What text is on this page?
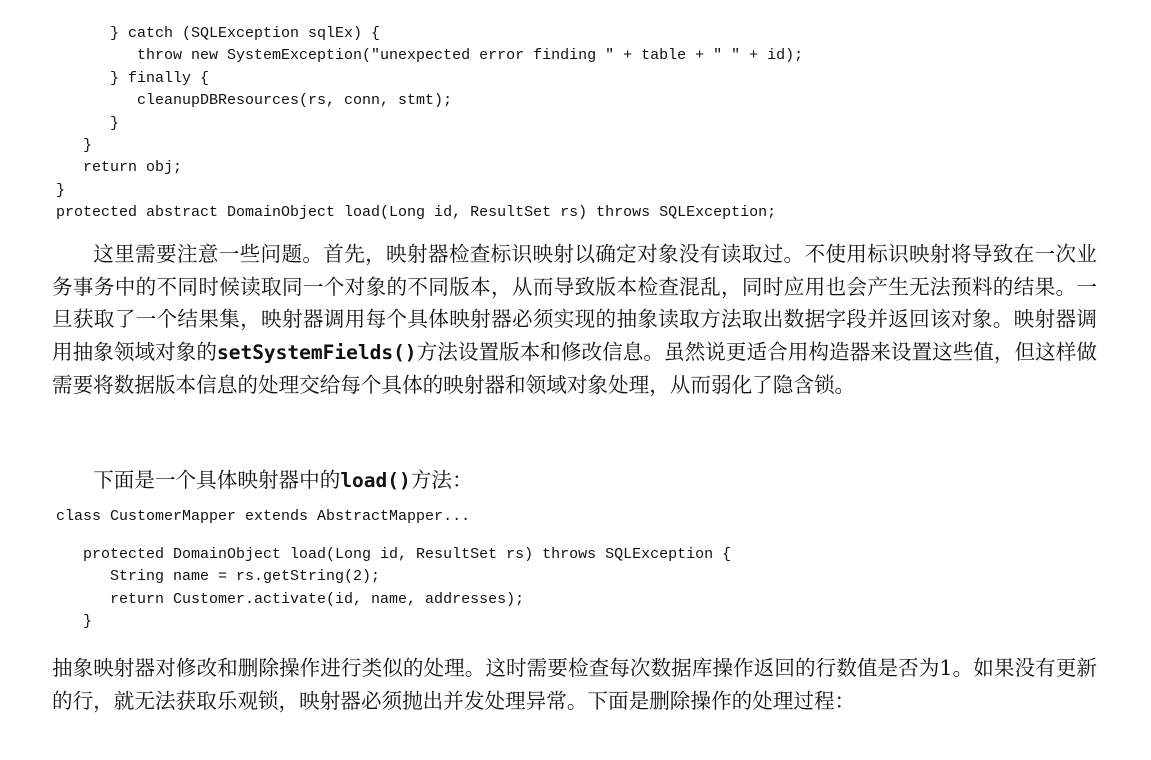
} catch (SQLException sqlEx) {
throw new SystemException("unexpected error finding " + table + " " + id);
} finally {
cleanupDBResources(rs, conn, stmt);
}
}
return obj;
}
protected abstract DomainObject load(Long id, ResultSet rs) throws SQLException;

这里需要注意一些问题。首先，映射器检查标识映射以确定对象没有读取过。不使用标识映射将导致在一次业务事务中的不同时候读取同一个对象的不同版本，从而导致版本检查混乱，同时应用也会产生无法预料的结果。一旦获取了一个结果集，映射器调用每个具体映射器必须实现的抽象读取方法取出数据字段并返回该对象。映射器调用抽象领域对象的setSystemFields()方法设置版本和修改信息。虽然说更适合用构造器来设置这些值，但这样做需要将数据版本信息的处理交给每个具体的映射器和领域对象处理，从而弱化了隐含锁。

下面是一个具体映射器中的load()方法：

class CustomerMapper extends AbstractMapper...
protected DomainObject load(Long id, ResultSet rs) throws SQLException {
String name = rs.getString(2);
return Customer.activate(id, name, addresses);
}

抽象映射器对修改和删除操作进行类似的处理。这时需要检查每次数据库操作返回的行数值是否为1。如果没有更新的行，就无法获取乐观锁，映射器必须抛出并发处理异常。下面是删除操作的处理过程：
